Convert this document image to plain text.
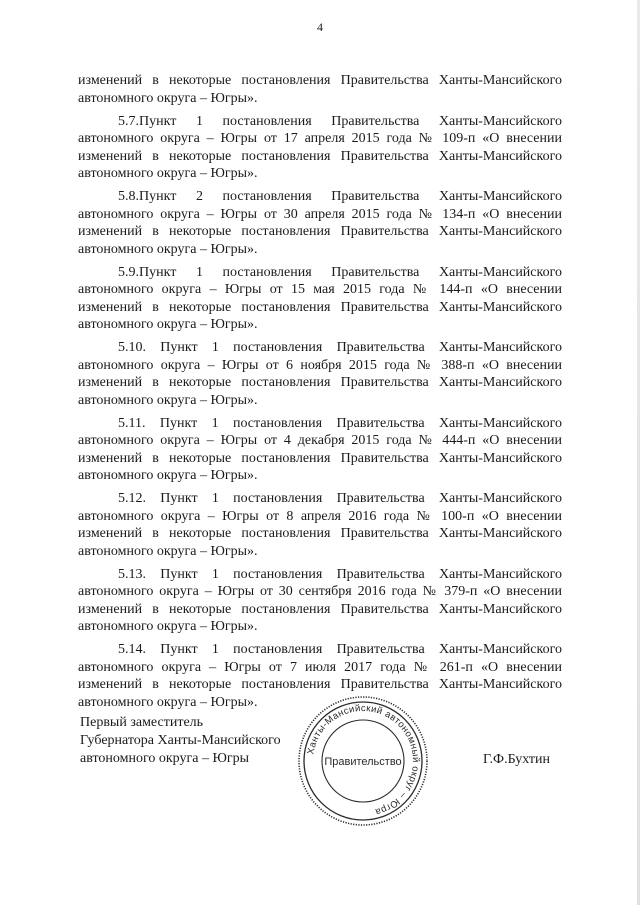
4

изменений в некоторые постановления Правительства Ханты-Мансийского автономного округа – Югры».

5.7.Пункт 1 постановления Правительства Ханты-Мансийского автономного округа – Югры от 17 апреля 2015 года № 109-п «О внесении изменений в некоторые постановления Правительства Ханты-Мансийского автономного округа – Югры».

5.8.Пункт 2 постановления Правительства Ханты-Мансийского автономного округа – Югры от 30 апреля 2015 года № 134-п «О внесении изменений в некоторые постановления Правительства Ханты-Мансийского автономного округа – Югры».

5.9.Пункт 1 постановления Правительства Ханты-Мансийского автономного округа – Югры от 15 мая 2015 года № 144-п «О внесении изменений в некоторые постановления Правительства Ханты-Мансийского автономного округа – Югры».

5.10. Пункт 1 постановления Правительства Ханты-Мансийского автономного округа – Югры от 6 ноября 2015 года № 388-п «О внесении изменений в некоторые постановления Правительства Ханты-Мансийского автономного округа – Югры».

5.11. Пункт 1 постановления Правительства Ханты-Мансийского автономного округа – Югры от 4 декабря 2015 года № 444-п «О внесении изменений в некоторые постановления Правительства Ханты-Мансийского автономного округа – Югры».

5.12. Пункт 1 постановления Правительства Ханты-Мансийского автономного округа – Югры от 8 апреля 2016 года № 100-п «О внесении изменений в некоторые постановления Правительства Ханты-Мансийского автономного округа – Югры».

5.13. Пункт 1 постановления Правительства Ханты-Мансийского автономного округа – Югры от 30 сентября 2016 года № 379-п «О внесении изменений в некоторые постановления Правительства Ханты-Мансийского автономного округа – Югры».

5.14. Пункт 1 постановления Правительства Ханты-Мансийского автономного округа – Югры от 7 июля 2017 года № 261-п «О внесении изменений в некоторые постановления Правительства Ханты-Мансийского автономного округа – Югры».

Первый заместитель
Губернатора Ханты-Мансийского
автономного округа – Югры
Ханты-Мансийский автономный округ – Югра
Правительство	Г.Ф.Бухтин
